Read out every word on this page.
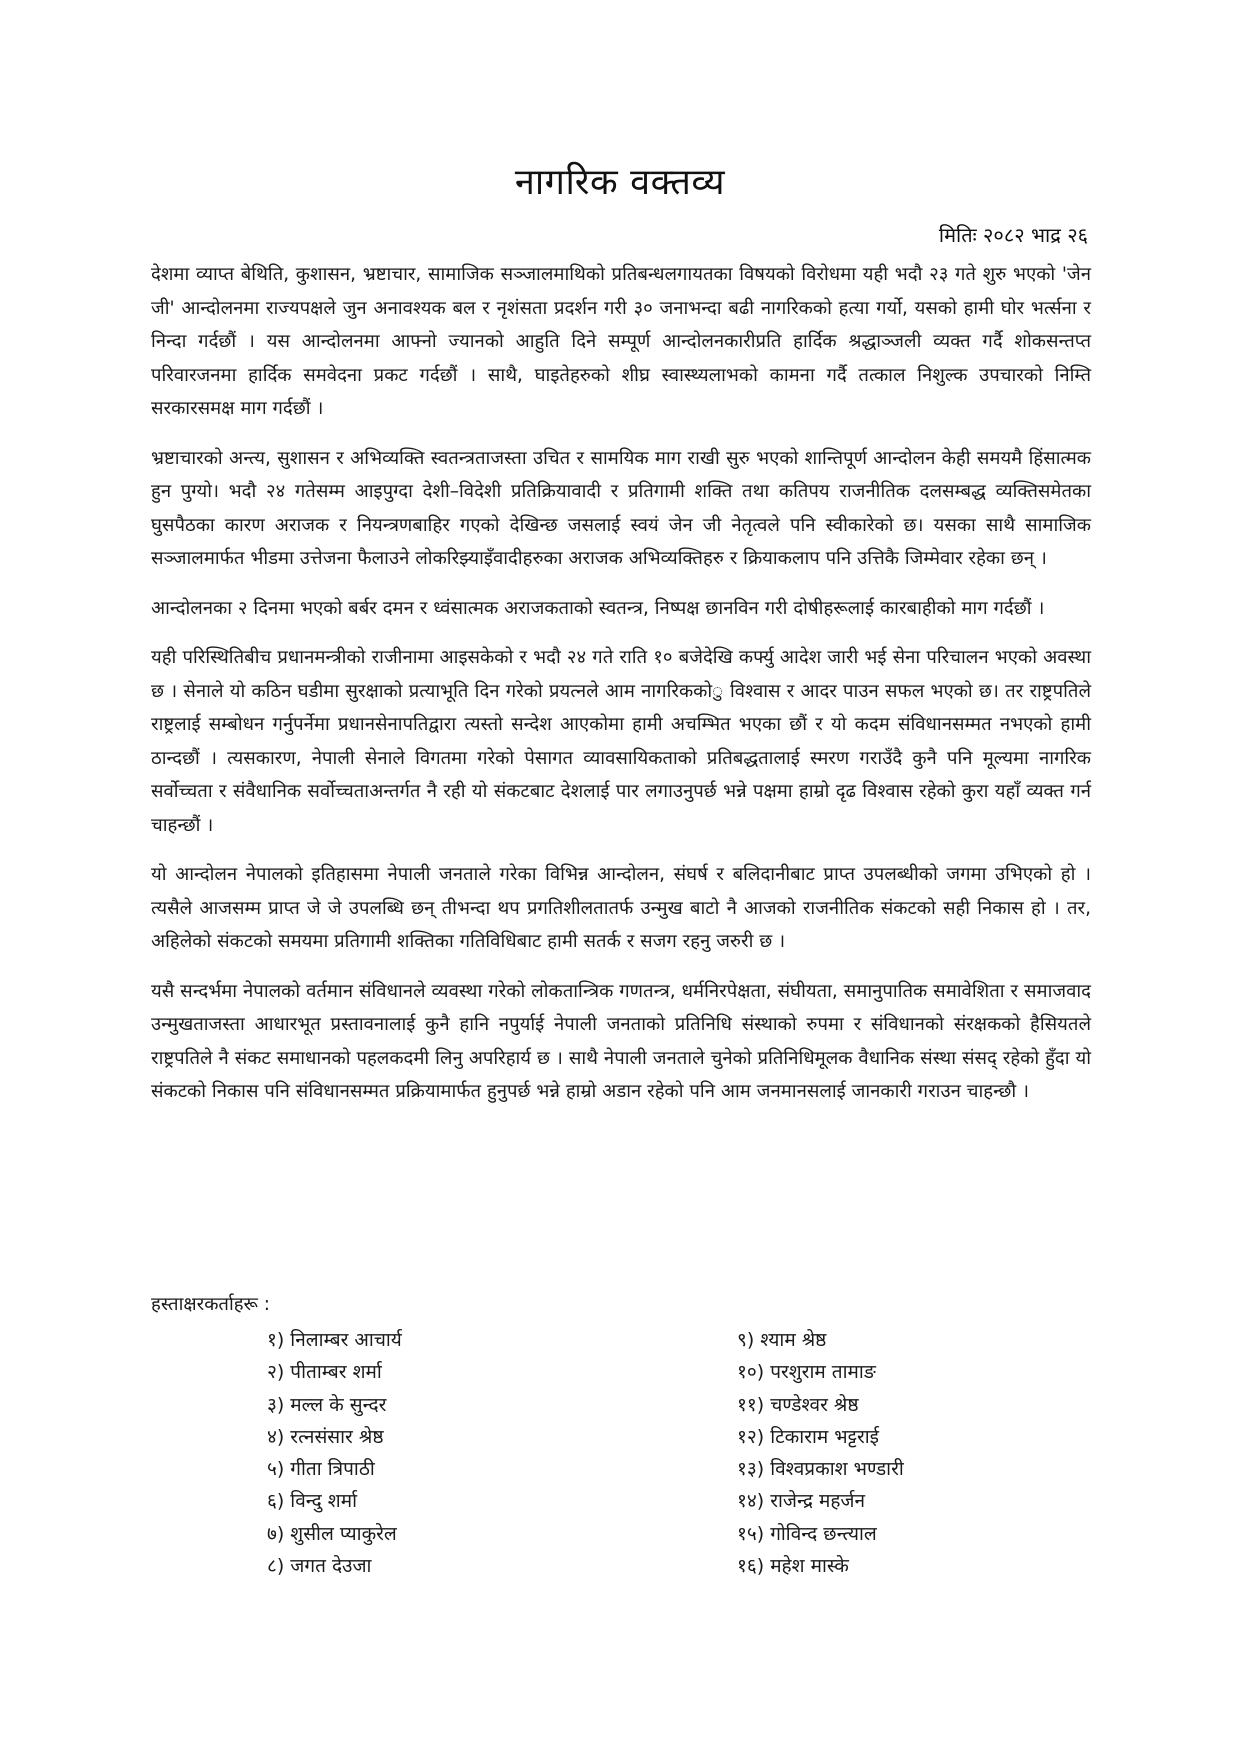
नागरिक वक्तव्य
मितिः २०८२ भाद्र २६

देशमा व्याप्त बेथिति, कुशासन, भ्रष्टाचार, सामाजिक सञ्जालमाथिको प्रतिबन्धलगायतका विषयको विरोधमा यही भदौ २३ गते शुरु भएको 'जेन जी' आन्दोलनमा राज्यपक्षले जुन अनावश्यक बल र नृशंसता प्रदर्शन गरी ३० जनाभन्दा बढी नागरिकको हत्या गर्यो, यसको हामी घोर भर्त्सना र निन्दा गर्दछौं । यस आन्दोलनमा आफ्नो ज्यानको आहुति दिने सम्पूर्ण आन्दोलनकारीप्रति हार्दिक श्रद्धाञ्जली व्यक्त गर्दै शोकसन्तप्त परिवारजनमा हार्दिक समवेदना प्रकट गर्दछौं । साथै, घाइतेहरुको शीघ्र स्वास्थ्यलाभको कामना गर्दै तत्काल निशुल्क उपचारको निम्ति सरकारसमक्ष माग गर्दछौं ।

भ्रष्टाचारको अन्त्य, सुशासन र अभिव्यक्ति स्वतन्त्रताजस्ता उचित र सामयिक माग राखी सुरु भएको शान्तिपूर्ण आन्दोलन केही समयमै हिंसात्मक हुन पुग्यो। भदौ २४ गतेसम्म आइपुग्दा देशी–विदेशी प्रतिक्रियावादी र प्रतिगामी शक्ति तथा कतिपय राजनीतिक दलसम्बद्ध व्यक्तिसमेतका घुसपैठका कारण अराजक र नियन्त्रणबाहिर गएको देखिन्छ जसलाई स्वयं जेन जी नेतृत्वले पनि स्वीकारेको छ। यसका साथै सामाजिक सञ्जालमार्फत भीडमा उत्तेजना फैलाउने लोकरिझ्याइँवादीहरुका अराजक अभिव्यक्तिहरु र क्रियाकलाप पनि उत्तिकै जिम्मेवार रहेका छन् ।

आन्दोलनका २ दिनमा भएको बर्बर दमन र ध्वंसात्मक अराजकताको स्वतन्त्र, निष्पक्ष छानविन गरी दोषीहरूलाई कारबाहीको माग गर्दछौं ।

यही परिस्थितिबीच प्रधानमन्त्रीको राजीनामा आइसकेको र भदौ २४ गते राति १० बजेदेखि कर्फ्यु आदेश जारी भई सेना परिचालन भएको अवस्था छ । सेनाले यो कठिन घडीमा सुरक्षाको प्रत्याभूति दिन गरेको प्रयत्नले आम नागरिकको◌ु विश्वास र आदर पाउन सफल भएको छ। तर राष्ट्रपतिले राष्ट्रलाई सम्बोधन गर्नुपर्नेमा प्रधानसेनापतिद्वारा त्यस्तो सन्देश आएकोमा हामी अचम्भित भएका छौं र यो कदम संविधानसम्मत नभएको हामी ठान्दछौं । त्यसकारण, नेपाली सेनाले विगतमा गरेको पेसागत व्यावसायिकताको प्रतिबद्धतालाई स्मरण गराउँदै कुनै पनि मूल्यमा नागरिक सर्वोच्चता र संवैधानिक सर्वोच्चताअन्तर्गत नै रही यो संकटबाट देशलाई पार लगाउनुपर्छ भन्ने पक्षमा हाम्रो दृढ विश्वास रहेको कुरा यहाँ व्यक्त गर्न चाहन्छौं ।

यो आन्दोलन नेपालको इतिहासमा नेपाली जनताले गरेका विभिन्न आन्दोलन, संघर्ष र बलिदानीबाट प्राप्त उपलब्धीको जगमा उभिएको हो । त्यसैले आजसम्म प्राप्त जे जे उपलब्धि छन् तीभन्दा थप प्रगतिशीलतातर्फ उन्मुख बाटो नै आजको राजनीतिक संकटको सही निकास हो । तर, अहिलेको संकटको समयमा प्रतिगामी शक्तिका गतिविधिबाट हामी सतर्क र सजग रहनु जरुरी छ ।

यसै सन्दर्भमा नेपालको वर्तमान संविधानले व्यवस्था गरेको लोकतान्त्रिक गणतन्त्र, धर्मनिरपेक्षता, संघीयता, समानुपातिक समावेशिता र समाजवाद उन्मुखताजस्ता आधारभूत प्रस्तावनालाई कुनै हानि नपुर्याई नेपाली जनताको प्रतिनिधि संस्थाको रुपमा र संविधानको संरक्षकको हैसियतले राष्ट्रपतिले नै संकट समाधानको पहलकदमी लिनु अपरिहार्य छ । साथै नेपाली जनताले चुनेको प्रतिनिधिमूलक वैधानिक संस्था संसद् रहेको हुँदा यो संकटको निकास पनि संविधानसम्मत प्रक्रियामार्फत हुनुपर्छ भन्ने हाम्रो अडान रहेको पनि आम जनमानसलाई जानकारी गराउन चाहन्छौ ।

हस्ताक्षरकर्ताहरू :
१) निलाम्बर आचार्य
२) पीताम्बर शर्मा
३) मल्ल के सुन्दर
४) रत्नसंसार श्रेष्ठ
५) गीता त्रिपाठी
६) विन्दु शर्मा
७) शुसील प्याकुरेल
८) जगत देउजा
९) श्याम श्रेष्ठ
१०) परशुराम तामाङ
११) चण्डेश्वर श्रेष्ठ
१२) टिकाराम भट्टराई
१३) विश्वप्रकाश भण्डारी
१४) राजेन्द्र महर्जन
१५) गोविन्द छन्त्याल
१६) महेश मास्के
